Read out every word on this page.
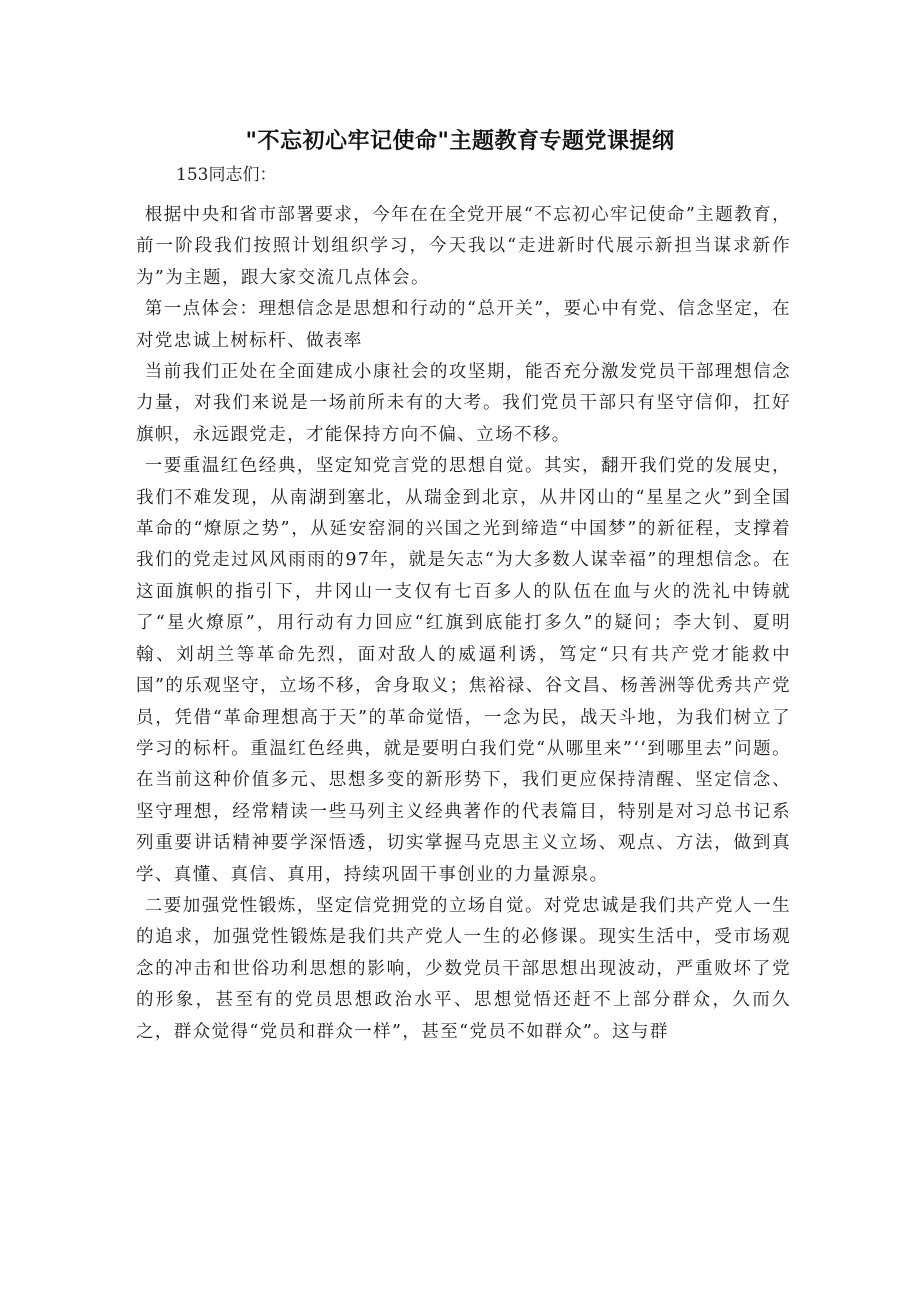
"不忘初心牢记使命"主题教育专题党课提纲
153同志们：

根据中央和省市部署要求，今年在在全党开展“不忘初心牢记使命”主题教育，前一阶段我们按照计划组织学习，今天我以“走进新时代展示新担当谋求新作为”为主题，跟大家交流几点体会。

第一点体会：理想信念是思想和行动的“总开关”，要心中有党、信念坚定，在对党忠诚上树标杆、做表率

当前我们正处在全面建成小康社会的攻坚期，能否充分激发党员干部理想信念力量，对我们来说是一场前所未有的大考。我们党员干部只有坚守信仰，扛好旗帜，永远跟党走，才能保持方向不偏、立场不移。

一要重温红色经典，坚定知党言党的思想自觉。其实，翻开我们党的发展史，我们不难发现，从南湖到塞北，从瑞金到北京，从井冈山的“星星之火”到全国革命的“燎原之势”，从延安窑洞的兴国之光到缔造“中国梦”的新征程，支撑着我们的党走过风风雨雨的97年，就是矢志“为大多数人谋幸福”的理想信念。在这面旗帜的指引下，井冈山一支仅有七百多人的队伍在血与火的洗礼中铸就了“星火燎原”，用行动有力回应“红旗到底能打多久”的疑问；李大钊、夏明翰、刘胡兰等革命先烈，面对敌人的威逼利诱，笃定“只有共产党才能救中国”的乐观坚守，立场不移，舍身取义；焦裕禄、谷文昌、杨善洲等优秀共产党员，凭借“革命理想高于天”的革命觉悟，一念为民，战天斗地，为我们树立了学习的标杆。重温红色经典，就是要明白我们党“从哪里来”‘‘到哪里去”问题。在当前这种价值多元、思想多变的新形势下，我们更应保持清醒、坚定信念、坚守理想，经常精读一些马列主义经典著作的代表篇目，特别是对习总书记系列重要讲话精神要学深悟透，切实掌握马克思主义立场、观点、方法，做到真学、真懂、真信、真用，持续巩固干事创业的力量源泉。

二要加强党性锻炼，坚定信党拥党的立场自觉。对党忠诚是我们共产党人一生的追求，加强党性锻炼是我们共产党人一生的必修课。现实生活中，受市场观念的冲击和世俗功利思想的影响，少数党员干部思想出现波动，严重败坏了党的形象，甚至有的党员思想政治水平、思想觉悟还赶不上部分群众，久而久之，群众觉得“党员和群众一样”，甚至“党员不如群众”。这与群
